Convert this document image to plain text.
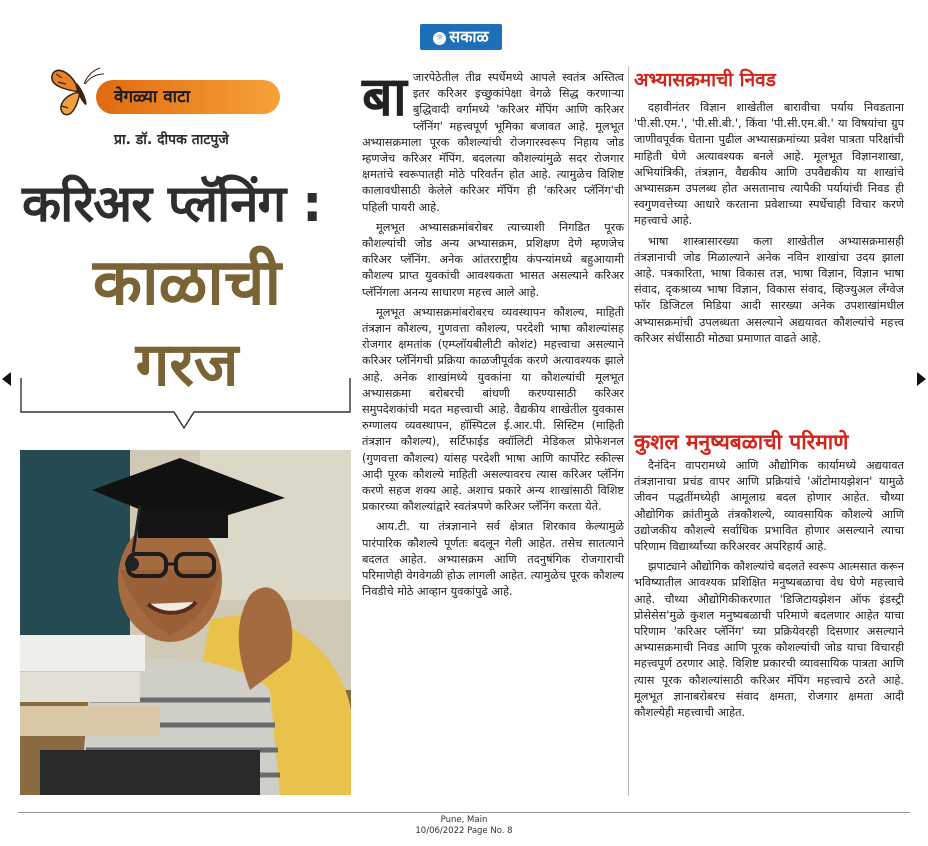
☼ सकाळ
वेगळ्या वाटा
प्रा. डॉ. दीपक ताटपुजे
करिअर प्लॅनिंग :
काळाची
गरज
बा जारपेठेतील तीव्र स्पर्धेमध्ये आपले स्वतंत्र अस्तित्व इतर करिअर इच्छुकांपेक्षा वेगळे सिद्ध करणाऱ्या बुद्धिवादी वर्गामध्ये 'करिअर मॅपिंग आणि करिअर प्लॅनिंग' महत्त्वपूर्ण भूमिका बजावत आहे. मूलभूत अभ्यासक्रमाला पूरक कौशल्यांची रोजगारस्वरूप निहाय जोड म्हणजेच करिअर मॅपिंग. बदलत्या कौशल्यांमुळे सदर रोजगार क्षमतांचे स्वरूपातही मोठे परिवर्तन होत आहे. त्यामुळेच विशिष्ट कालावधीसाठी केलेले करिअर मॅपिंग ही 'करिअर प्लॅनिंग'ची पहिली पायरी आहे.

मूलभूत अभ्यासक्रमांबरोबर त्याच्याशी निगडित पूरक कौशल्यांची जोड अन्य अभ्यासक्रम, प्रशिक्षण देणे म्हणजेच करिअर प्लॅनिंग. अनेक आंतरराष्ट्रीय कंपन्यांमध्ये बहुआयामी कौशल्य प्राप्त युवकांची आवश्यकता भासत असल्याने करिअर प्लॅनिंगला अनन्य साधारण महत्त्व आले आहे.

मूलभूत अभ्यासक्रमांबरोबरच व्यवस्थापन कौशल्य, माहिती तंत्रज्ञान कौशल्य, गुणवत्ता कौशल्य, परदेशी भाषा कौशल्यांसह रोजगार क्षमतांक (एम्प्लॉयबीलीटी कोशंट) महत्त्वाचा असल्याने करिअर प्लॅनिंगची प्रक्रिया काळजीपूर्वक करणे अत्यावश्यक झाले आहे. अनेक शाखांमध्ये युवकांना या कौशल्यांची मूलभूत अभ्यासक्रमा बरोबरची बांधणी करण्यासाठी करिअर समुपदेशकांची मदत महत्त्वाची आहे. वैद्यकीय शाखेतील युवकास रुग्णालय व्यवस्थापन, हॉस्पिटल ई.आर.पी. सिस्टिम (माहिती तंत्रज्ञान कौशल्य), सर्टिफाईड क्वॉलिटी मेडिकल प्रोफेशनल (गुणवत्ता कौशल्य) यांसह परदेशी भाषा आणि कार्पोरेट स्कील्स आदी पूरक कौशल्ये माहिती असल्यावरच त्यास करिअर प्लॅनिंग करणे सहज शक्य आहे. अशाच प्रकारे अन्य शाखांसाठी विशिष्ट प्रकारच्या कौशल्यांद्वारे स्वतंत्रपणे करिअर प्लॅनिंग करता येते.

आय.टी. या तंत्रज्ञानाने सर्व क्षेत्रात शिरकाव केल्यामुळे पारंपारिक कौशल्ये पूर्णतः बदलून गेली आहेत. तसेच सातत्याने बदलत आहेत. अभ्यासक्रम आणि तदनुषंगिक रोजगाराची परिमाणेही वेगवेगळी होऊ लागली आहेत. त्यामुळेच पूरक कौशल्य निवडीचे मोठे आव्हान युवकांपुढे आहे.

अभ्यासक्रमाची निवड

दहावीनंतर विज्ञान शाखेतील बारावीचा पर्याय निवडताना 'पी.सी.एम.', 'पी.सी.बी.', किंवा 'पी.सी.एम.बी.' या विषयांचा ग्रुप जाणीवपूर्वक घेताना पुढील अभ्यासक्रमांच्या प्रवेश पात्रता परिक्षांची माहिती घेणे अत्यावश्यक बनले आहे. मूलभूत विज्ञानशाखा, अभियांत्रिकी, तंत्रज्ञान, वैद्यकीय आणि उपवैद्यकीय या शाखांचे अभ्यासक्रम उपलब्ध होत असतानाच त्यापैकी पर्यायांची निवड ही स्वगुणवत्तेच्या आधारे करताना प्रवेशाच्या स्पर्धेचाही विचार करणे महत्त्वाचे आहे.

भाषा शास्त्रासारख्या कला शाखेतील अभ्यासक्रमासही तंत्रज्ञानाची जोड मिळाल्याने अनेक नविन शाखांचा उदय झाला आहे. पत्रकारिता, भाषा विकास तज्ञ, भाषा विज्ञान, विज्ञान भाषा संवाद, दृकश्राव्य भाषा विज्ञान, विकास संवाद, व्हिज्युअल लँग्वेज फॉर डिजिटल मिडिया आदी सारख्या अनेक उपशाखांमधील अभ्यासक्रमांची उपलब्धता असल्याने अद्ययावत कौशल्यांचे महत्त्व करिअर संधींसाठी मोठ्या प्रमाणात वाढते आहे.

कुशल मनुष्यबळाची परिमाणे

दैनंदिन वापरामध्ये आणि औद्योगिक कार्यामध्ये अद्ययावत तंत्रज्ञानाचा प्रचंड वापर आणि प्रक्रियांचे 'ऑटोमायझेशन' यामुळे जीवन पद्धतींमध्येही आमूलाग्र बदल होणार आहेत. चौथ्या औद्योगिक क्रांतीमुळे तंत्रकौशल्ये, व्यावसायिक कौशल्ये आणि उद्योजकीय कौशल्ये सर्वाधिक प्रभावित होणार असल्याने त्याचा परिणाम विद्यार्थ्यांच्या करिअरवर अपरिहार्य आहे.

झपाट्याने औद्योगिक कौशल्यांचे बदलते स्वरूप आत्मसात करून भविष्यातील आवश्यक प्रशिक्षित मनुष्यबळाचा वेध घेणे महत्त्वाचे आहे. चौथ्या औद्योगिकीकरणात 'डिजिटायझेशन ऑफ इंडस्ट्री प्रोसेसेस'मुळे कुशल मनुष्यबळाची परिमाणे बदलणार आहेत याचा परिणाम 'करिअर प्लॅनिंग' च्या प्रक्रियेवरही दिसणार असल्याने अभ्यासक्रमाची निवड आणि पूरक कौशल्यांची जोड याचा विचारही महत्त्वपूर्ण ठरणार आहे. विशिष्ट प्रकारची व्यावसायिक पात्रता आणि त्यास पूरक कौशल्यांसाठी करिअर मॅपिंग महत्त्वाचे ठरते आहे. मूलभूत ज्ञानाबरोबरच संवाद क्षमता, रोजगार क्षमता आदी कौशल्येही महत्त्वाची आहेत.

Pune, Main
10/06/2022 Page No. 8
